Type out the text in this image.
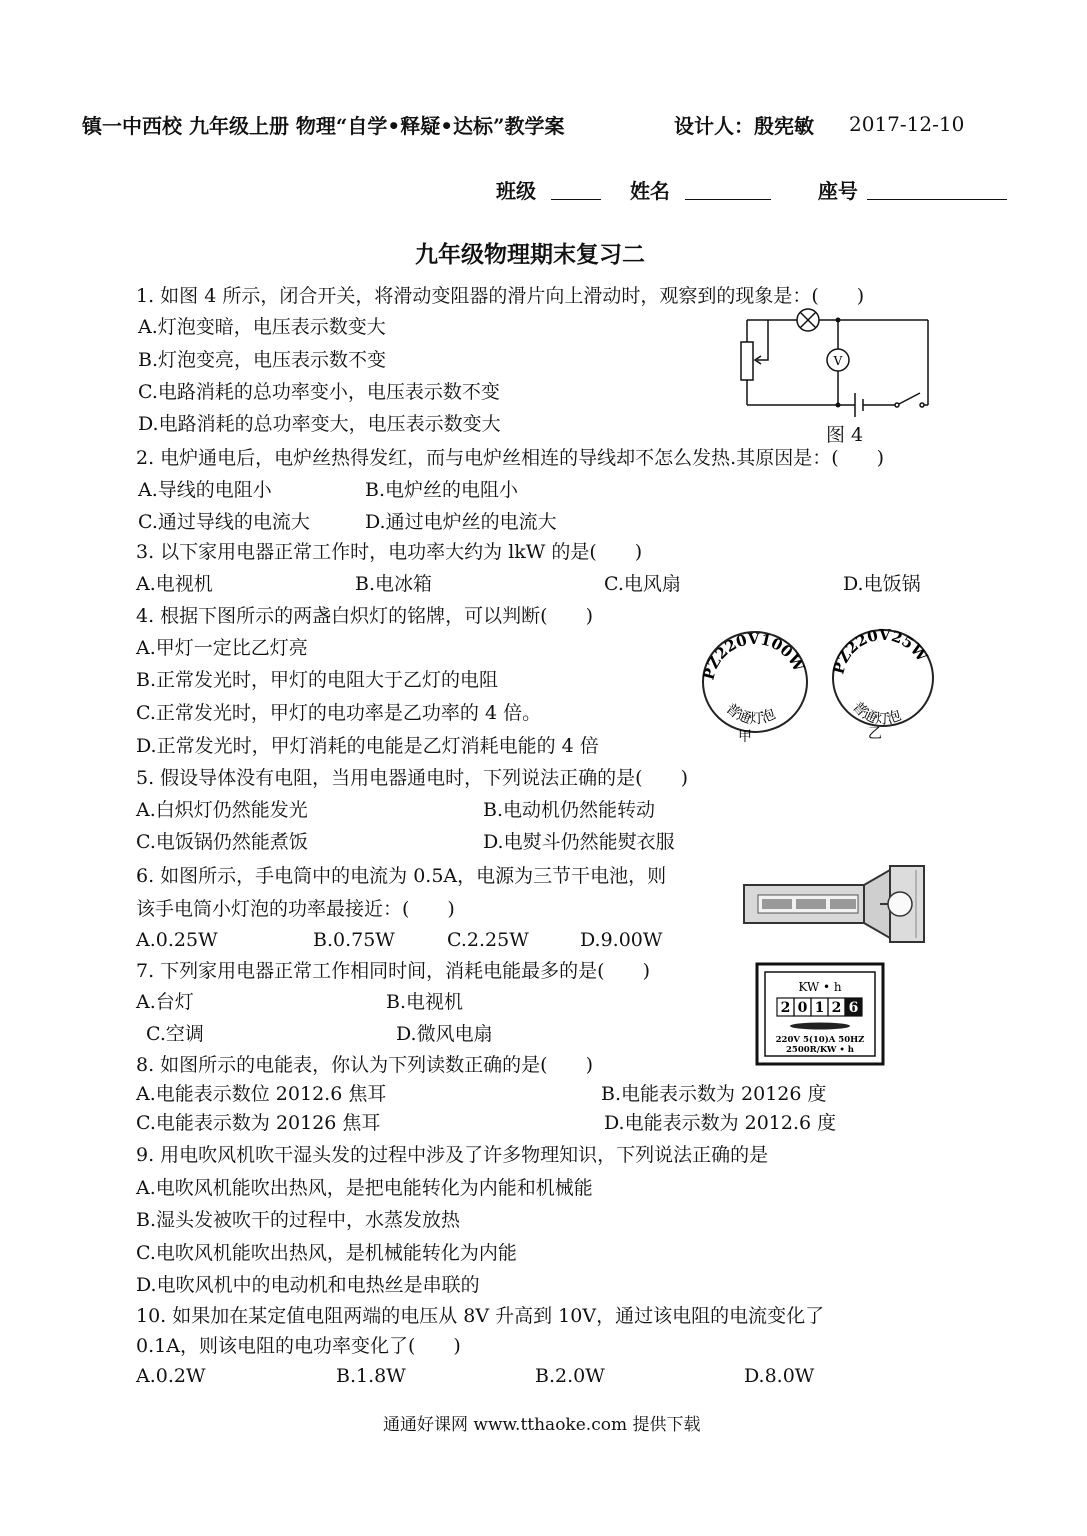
镇一中西校 九年级上册 物理“自学•释疑•达标”教学案	设计人：殷宪敏 2017-12-10
班级	姓名	座号
九年级物理期末复习二
1. 如图 4 所示，闭合开关，将滑动变阻器的滑片向上滑动时，观察到的现象是：(　　)
A.灯泡变暗，电压表示数变大
B.灯泡变亮，电压表示数不变
C.电路消耗的总功率变小，电压表示数不变
D.电路消耗的总功率变大，电压表示数变大
V
图 4
2. 电炉通电后，电炉丝热得发红，而与电炉丝相连的导线却不怎么发热.其原因是：(　　)
A.导线的电阻小	B.电炉丝的电阻小
C.通过导线的电流大	D.通过电炉丝的电流大
3. 以下家用电器正常工作时，电功率大约为 lkW 的是(　　)
A.电视机	B.电冰箱	C.电风扇	D.电饭锅
4. 根据下图所示的两盏白炽灯的铭牌，可以判断(　　)
A.甲灯一定比乙灯亮
B.正常发光时，甲灯的电阻大于乙灯的电阻
C.正常发光时，甲灯的电功率是乙功率的 4 倍。
D.正常发光时，甲灯消耗的电能是乙灯消耗电能的 4 倍
PZ220V100W
普通灯泡
PZ220V25W
普通灯泡
甲	乙
5. 假设导体没有电阻，当用电器通电时，下列说法正确的是(　　)
A.白炽灯仍然能发光	B.电动机仍然能转动
C.电饭锅仍然能煮饭	D.电熨斗仍然能熨衣服
6. 如图所示，手电筒中的电流为 0.5A，电源为三节干电池，则
该手电筒小灯泡的功率最接近：(　　)
A.0.25W	B.0.75W	C.2.25W	D.9.00W
7. 下列家用电器正常工作相同时间，消耗电能最多的是(　　)
A.台灯	B.电视机
C.空调	D.微风电扇
KW • h
2 0 1 2 6
220V 5(10)A 50HZ
2500R/KW • h
8. 如图所示的电能表，你认为下列读数正确的是(　　)
A.电能表示数位 2012.6 焦耳	B.电能表示数为 20126 度
C.电能表示数为 20126 焦耳	D.电能表示数为 2012.6 度
9. 用电吹风机吹干湿头发的过程中涉及了许多物理知识，下列说法正确的是
A.电吹风机能吹出热风，是把电能转化为内能和机械能
B.湿头发被吹干的过程中，水蒸发放热
C.电吹风机能吹出热风，是机械能转化为内能
D.电吹风机中的电动机和电热丝是串联的
10. 如果加在某定值电阻两端的电压从 8V 升高到 10V，通过该电阻的电流变化了
0.1A，则该电阻的电功率变化了(　　)
A.0.2W	B.1.8W	B.2.0W	D.8.0W
通通好课网 www.tthaoke.com 提供下载
